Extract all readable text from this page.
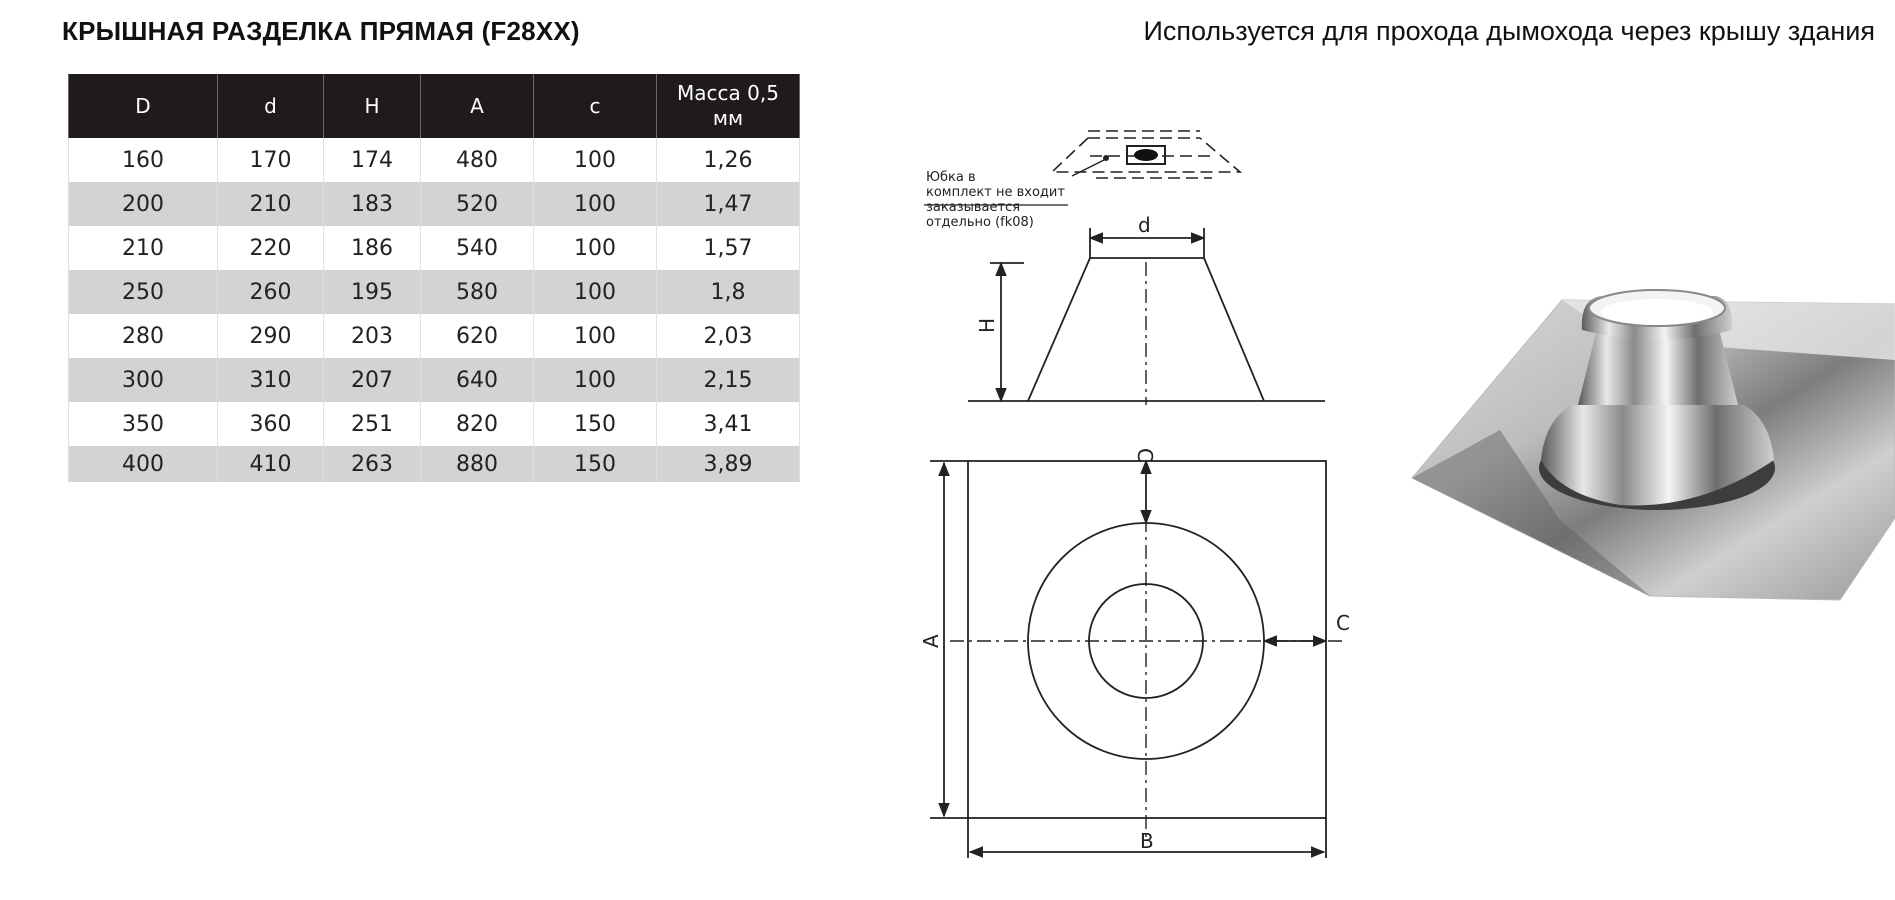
КРЫШНАЯ РАЗДЕЛКА ПРЯМАЯ (F28XX)	Используется для прохода дымохода через крышу здания
D	d	H	A	c	Масса 0,5 мм
160	170	174	480	100	1,26
200	210	183	520	100	1,47
210	220	186	540	100	1,57
250	260	195	580	100	1,8
280	290	203	620	100	2,03
300	310	207	640	100	2,15
350	360	251	820	150	3,41
400	410	263	880	150	3,89
d
H
C
C
A
B
Юбка в
комплект не входит
заказывается
отдельно (fk08)
